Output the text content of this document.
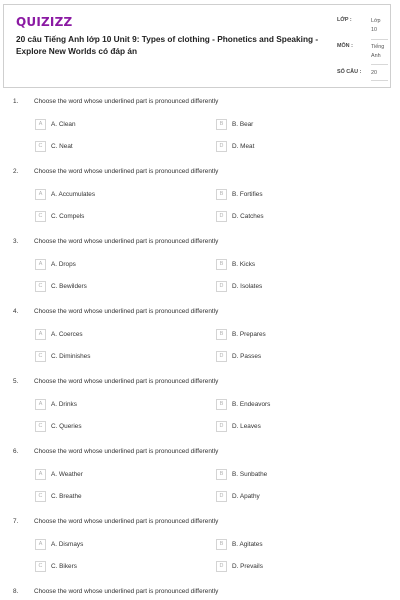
QUIZIZZ
20 câu Tiếng Anh lớp 10 Unit 9: Types of clothing - Phonetics and Speaking - Explore New Worlds có đáp án
LỚP :	Lớp 10
MÔN :	Tiếng Anh
SỐ CÂU :	20
1. Choose the word whose underlined part is pronounced differently
A	A. Clean	B	B. Bear
C	C. Neat	D	D. Meat
2. Choose the word whose underlined part is pronounced differently
A	A. Accumulates	B	B. Fortifies
C	C. Compels	D	D. Catches
3. Choose the word whose underlined part is pronounced differently
A	A. Drops	B	B. Kicks
C	C. Bewilders	D	D. Isolates
4. Choose the word whose underlined part is pronounced differently
A	A. Coerces	B	B. Prepares
C	C. Diminishes	D	D. Passes
5. Choose the word whose underlined part is pronounced differently
A	A. Drinks	B	B. Endeavors
C	C. Queries	D	D. Leaves
6. Choose the word whose underlined part is pronounced differently
A	A. Weather	B	B. Sunbathe
C	C. Breathe	D	D. Apathy
7. Choose the word whose underlined part is pronounced differently
A	A. Dismays	B	B. Agitates
C	C. Bikers	D	D. Prevails
8. Choose the word whose underlined part is pronounced differently
